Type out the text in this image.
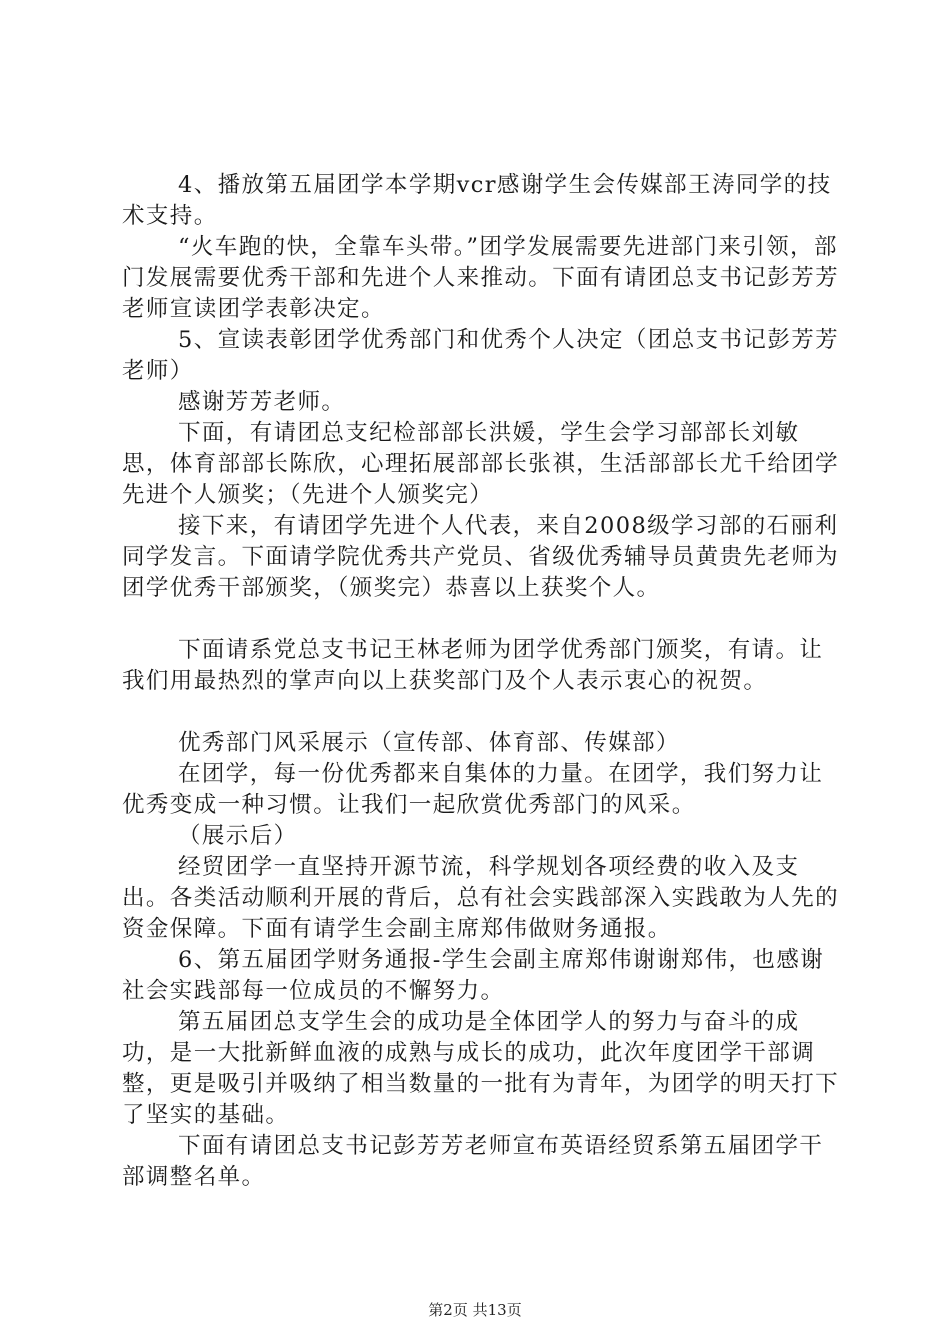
4、播放第五届团学本学期vcr感谢学生会传媒部王涛同学的技术支持。

“火车跑的快，全靠车头带。”团学发展需要先进部门来引领，部门发展需要优秀干部和先进个人来推动。下面有请团总支书记彭芳芳老师宣读团学表彰决定。

5、宣读表彰团学优秀部门和优秀个人决定（团总支书记彭芳芳老师）

感谢芳芳老师。

下面，有请团总支纪检部部长洪媛，学生会学习部部长刘敏思，体育部部长陈欣，心理拓展部部长张祺，生活部部长尤千给团学先进个人颁奖；（先进个人颁奖完）

接下来，有请团学先进个人代表，来自2008级学习部的石丽利同学发言。下面请学院优秀共产党员、省级优秀辅导员黄贵先老师为团学优秀干部颁奖，（颁奖完）恭喜以上获奖个人。

下面请系党总支书记王林老师为团学优秀部门颁奖，有请。让我们用最热烈的掌声向以上获奖部门及个人表示衷心的祝贺。

优秀部门风采展示（宣传部、体育部、传媒部）

在团学，每一份优秀都来自集体的力量。在团学，我们努力让优秀变成一种习惯。让我们一起欣赏优秀部门的风采。

（展示后）

经贸团学一直坚持开源节流，科学规划各项经费的收入及支出。各类活动顺利开展的背后，总有社会实践部深入实践敢为人先的资金保障。下面有请学生会副主席郑伟做财务通报。

6、第五届团学财务通报-学生会副主席郑伟谢谢郑伟，也感谢社会实践部每一位成员的不懈努力。

第五届团总支学生会的成功是全体团学人的努力与奋斗的成功，是一大批新鲜血液的成熟与成长的成功，此次年度团学干部调整，更是吸引并吸纳了相当数量的一批有为青年，为团学的明天打下了坚实的基础。

下面有请团总支书记彭芳芳老师宣布英语经贸系第五届团学干部调整名单。

第2页 共13页
